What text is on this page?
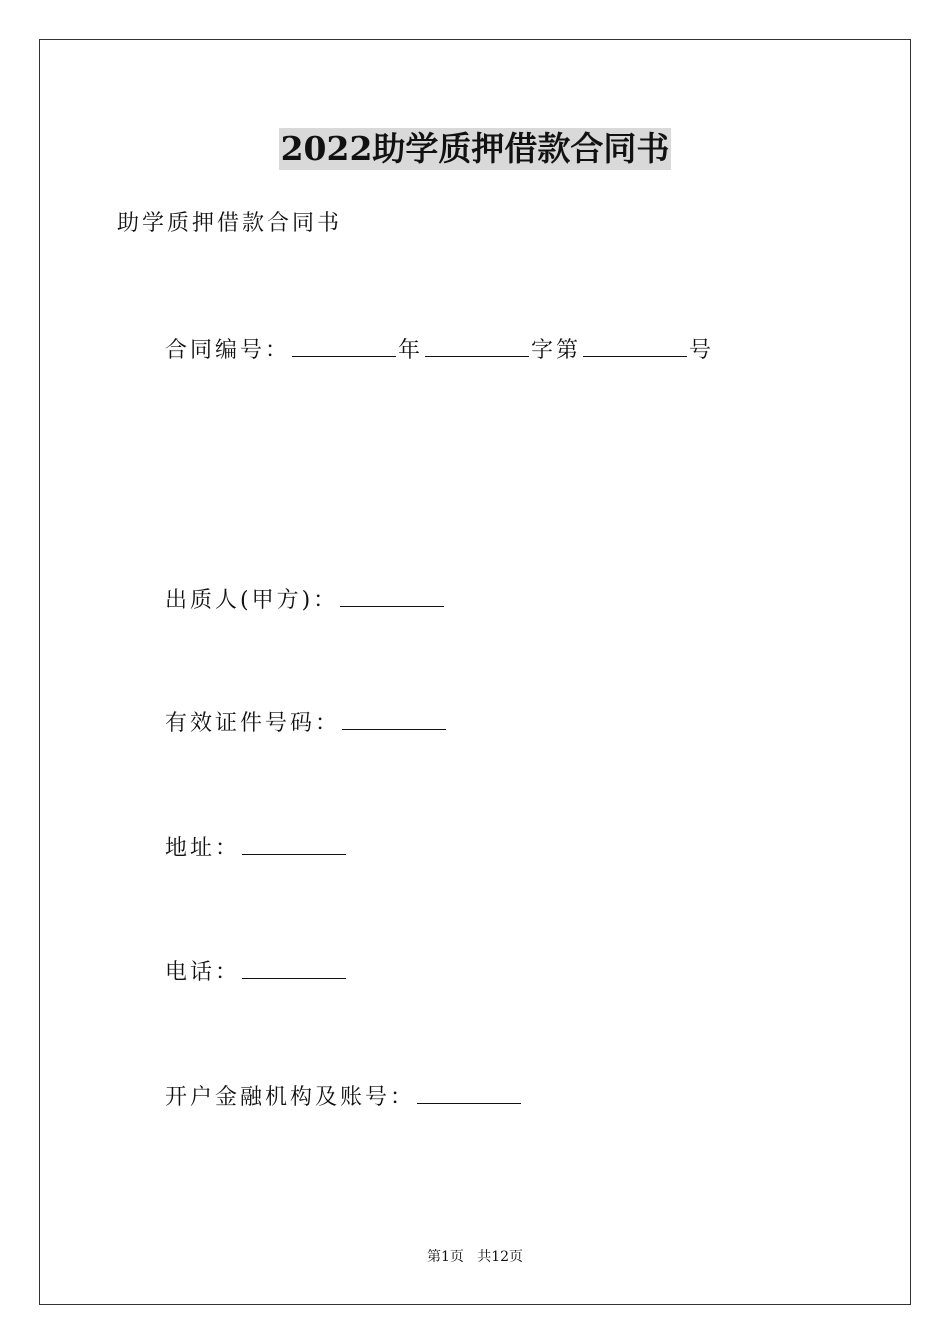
2022助学质押借款合同书
助学质押借款合同书
合同编号：	年	字第	号
出质人(甲方)：
有效证件号码：
地址：
电话：
开户金融机构及账号：
第1页   共12页
